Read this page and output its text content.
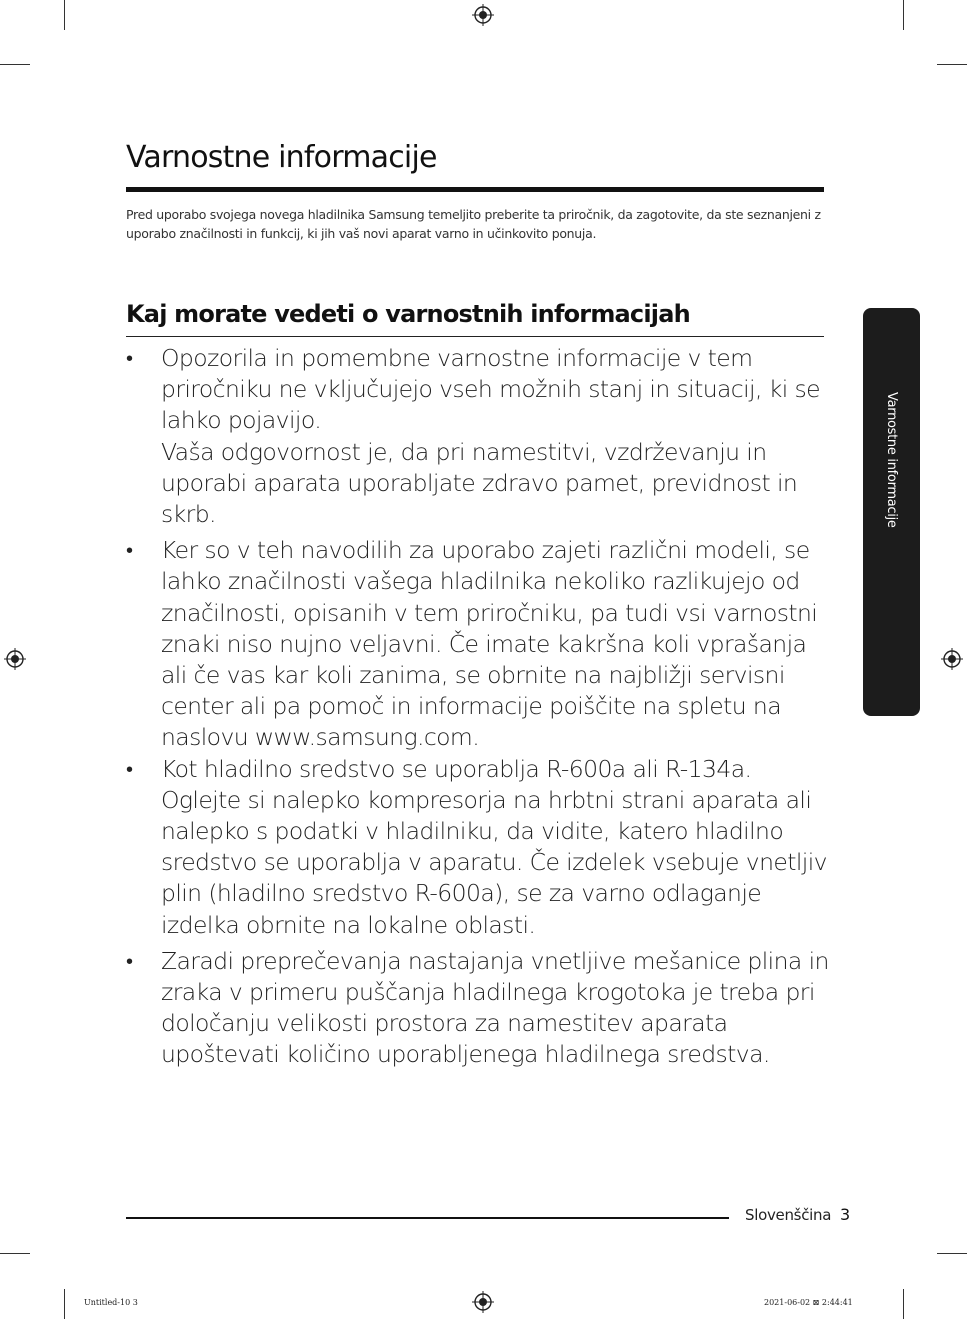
Varnostne informacije

Pred uporabo svojega novega hladilnika Samsung temeljito preberite ta priročnik, da zagotovite, da ste seznanjeni z uporabo značilnosti in funkcij, ki jih vaš novi aparat varno in učinkovito ponuja.

Kaj morate vedeti o varnostnih informacijah
•	Opozorila in pomembne varnostne informacije v tem priročniku ne vključujejo vseh možnih stanj in situacij, ki se lahko pojavijo.
Vaša odgovornost je, da pri namestitvi, vzdrževanju in uporabi aparata uporabljate zdravo pamet, previdnost in skrb.
•	Ker so v teh navodilih za uporabo zajeti različni modeli, se lahko značilnosti vašega hladilnika nekoliko razlikujejo od značilnosti, opisanih v tem priročniku, pa tudi vsi varnostni znaki niso nujno veljavni. Če imate kakršna koli vprašanja ali če vas kar koli zanima, se obrnite na najbližji servisni center ali pa pomoč in informacije poiščite na spletu na naslovu www.samsung.com.
•	Kot hladilno sredstvo se uporablja R-600a ali R-134a. Oglejte si nalepko kompresorja na hrbtni strani aparata ali nalepko s podatki v hladilniku, da vidite, katero hladilno sredstvo se uporablja v aparatu. Če izdelek vsebuje vnetljiv plin (hladilno sredstvo R-600a), se za varno odlaganje izdelka obrnite na lokalne oblasti.
•	Zaradi preprečevanja nastajanja vnetljive mešanice plina in zraka v primeru puščanja hladilnega krogotoka je treba pri določanju velikosti prostora za namestitev aparata upoštevati količino uporabljenega hladilnega sredstva.
Varnostne informacije
Slovenščina 3
Untitled-10 3	2021-06-02 ⊠ 2:44:41
